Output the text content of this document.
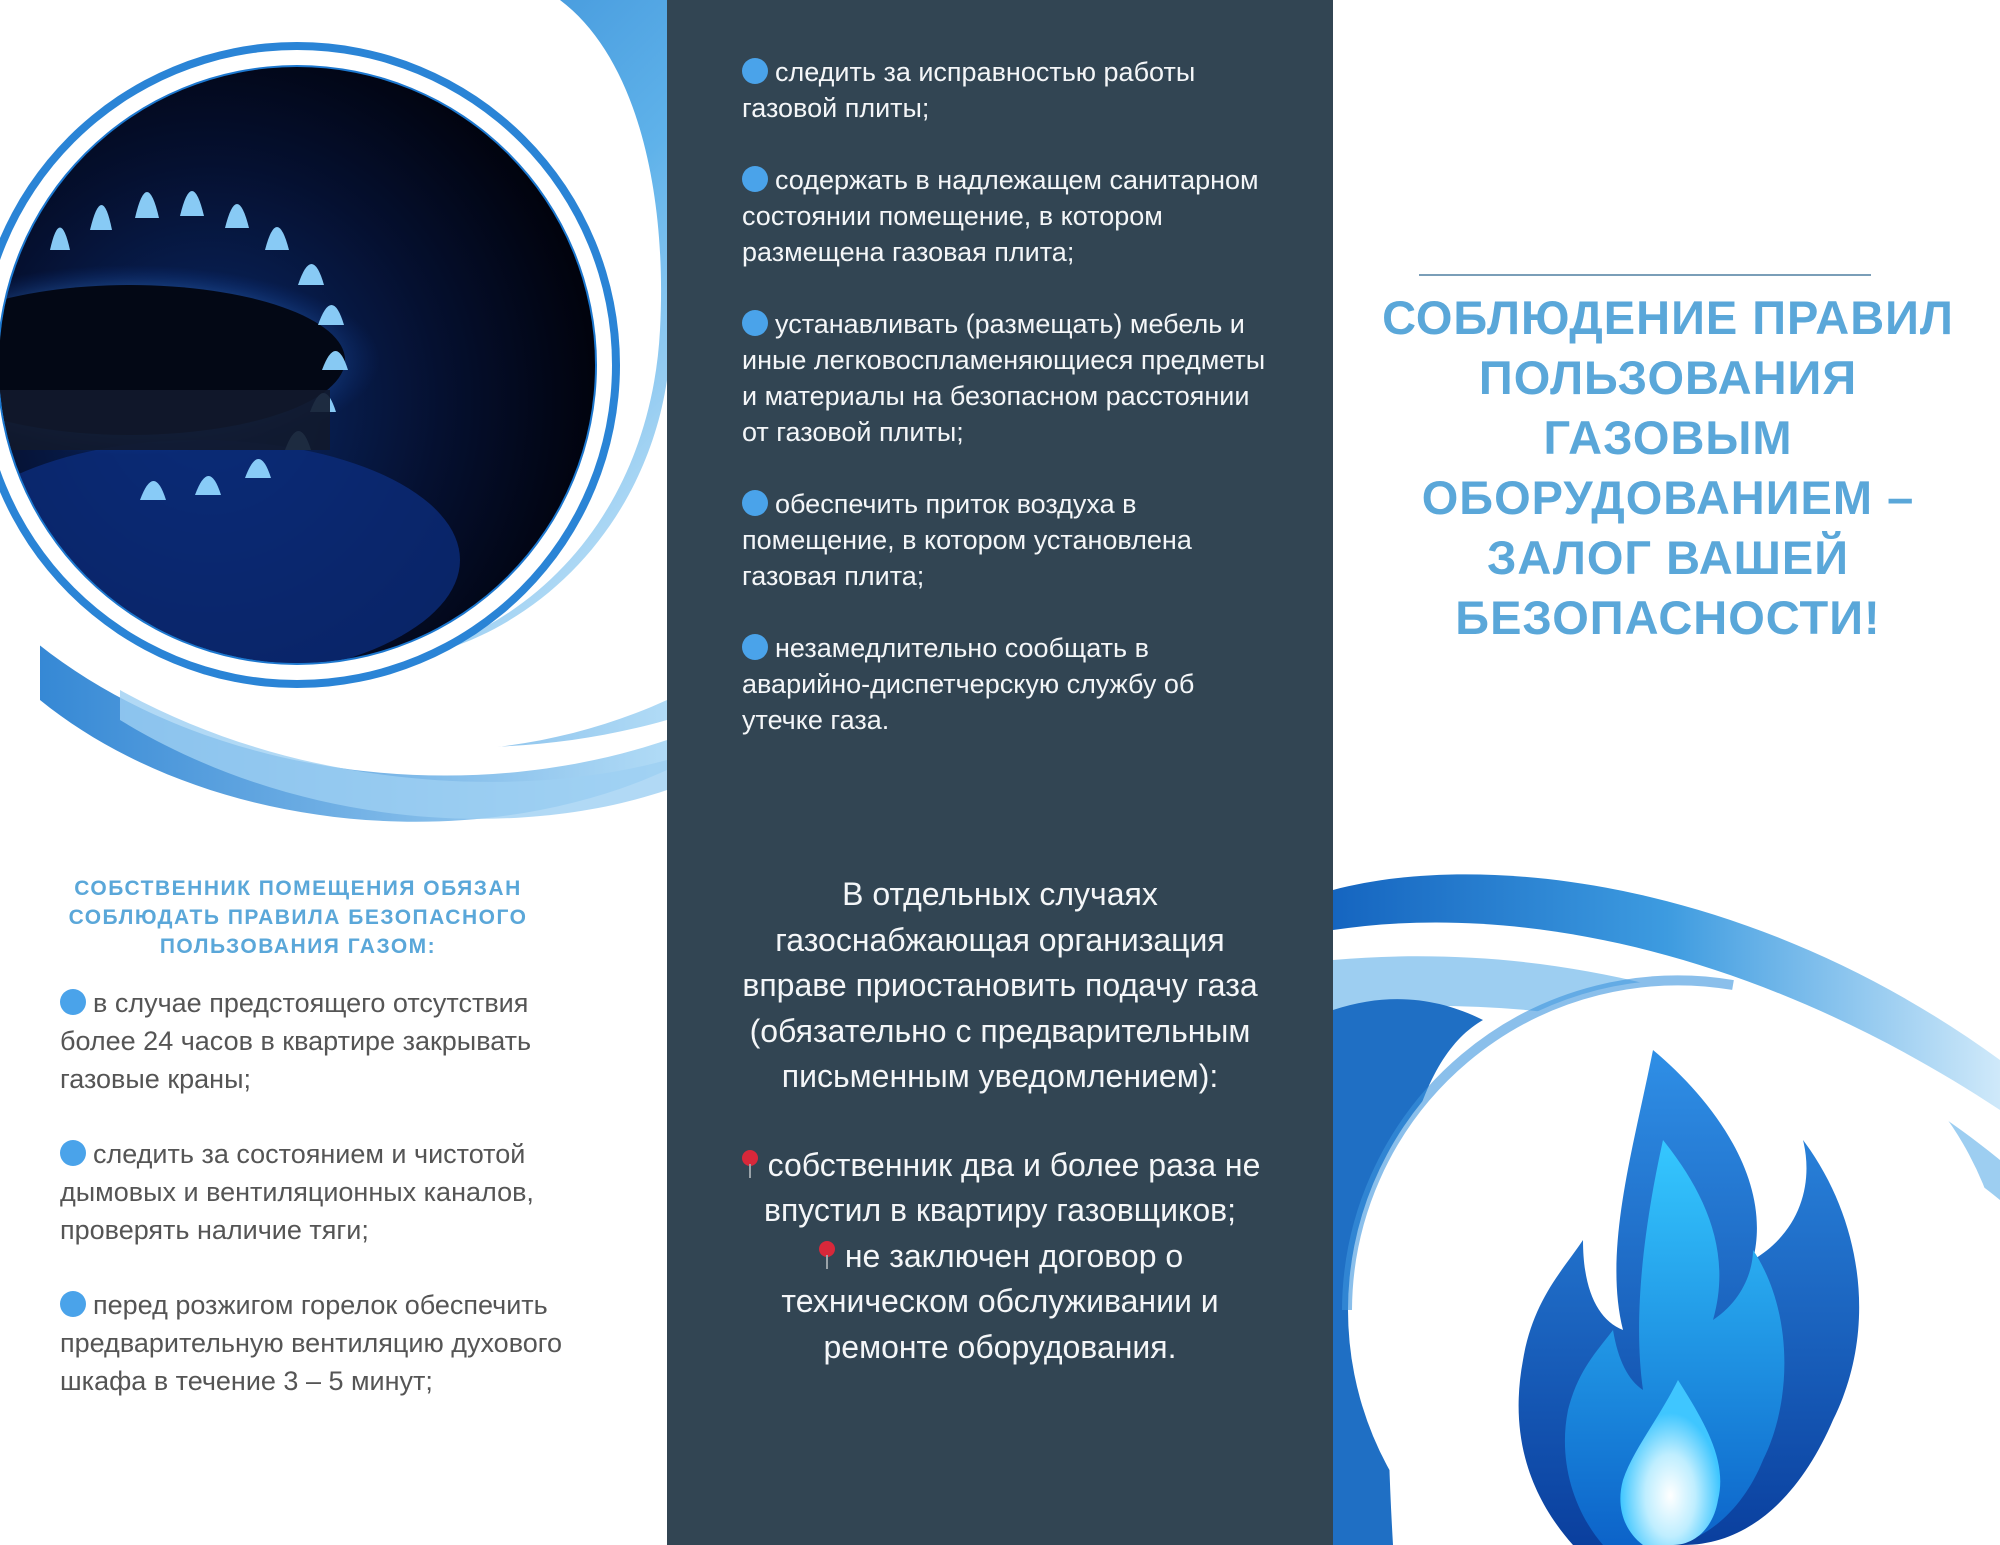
СОБСТВЕННИК ПОМЕЩЕНИЯ ОБЯЗАН СОБЛЮДАТЬ ПРАВИЛА БЕЗОПАСНОГО ПОЛЬЗОВАНИЯ ГАЗОМ:
в случае предстоящего отсутствия более 24 часов в квартире закрывать газовые краны;
следить за состоянием и чистотой дымовых и вентиляционных каналов, проверять наличие тяги;
перед розжигом горелок обеспечить предварительную вентиляцию духового шкафа в течение 3 – 5 минут;
следить за исправностью работы газовой плиты;
содержать в надлежащем санитарном состоянии помещение, в котором размещена газовая плита;
устанавливать (размещать) мебель и иные легковоспламеняющиеся предметы и материалы на безопасном расстоянии от газовой плиты;
обеспечить приток воздуха в помещение, в котором установлена газовая плита;
незамедлительно сообщать в аварийно-диспетчерскую службу об утечке газа.

В отдельных случаях газоснабжающая организация вправе приостановить подачу газа (обязательно с предварительным письменным уведомлением):

собственник два и более раза не впустил в квартиру газовщиков;

не заключен договор о техническом обслуживании и ремонте оборудования.

СОБЛЮДЕНИЕ ПРАВИЛ ПОЛЬЗОВАНИЯ ГАЗОВЫМ ОБОРУДОВАНИЕМ – ЗАЛОГ ВАШЕЙ БЕЗОПАСНОСТИ!
